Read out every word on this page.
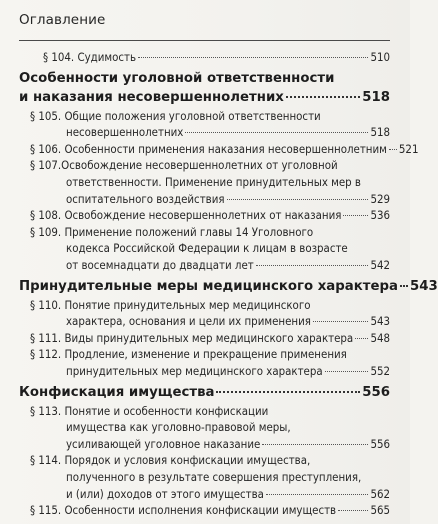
Оглавление
§ 104. Судимость	510
Особенности уголовной ответственности
и наказания несовершеннолетних	518
§ 105. Общие положения уголовной ответственности
несовершеннолетних	518
§ 106. Особенности применения наказания несовершеннолетним 521
§ 107.Освобождение несовершеннолетних от уголовной
ответственности. Применение принудительных мер в
оспитательного воздействия	529
§ 108. Освобождение несовершеннолетних от наказания	536
§ 109. Применение положений главы 14 Уголовного
кодекса Российской Федерации к лицам в возрасте
от восемнадцати до двадцати лет	542
Принудительные меры медицинского характера 543
§ 110. Понятие принудительных мер медицинского
характера, основания и цели их применения	543
§ 111. Виды принудительных мер медицинского характера 548
§ 112. Продление, изменение и прекращение применения
принудительных мер медицинского характера	552
Конфискация имущества	556
§ 113. Понятие и особенности конфискации
имущества как уголовно-правовой меры,
усиливающей уголовное наказание	556
§ 114. Порядок и условия конфискации имущества,
полученного в результате совершения преступления,
и (или) доходов от этого имущества	562
§ 115. Особенности исполнения конфискации имуществ	565
